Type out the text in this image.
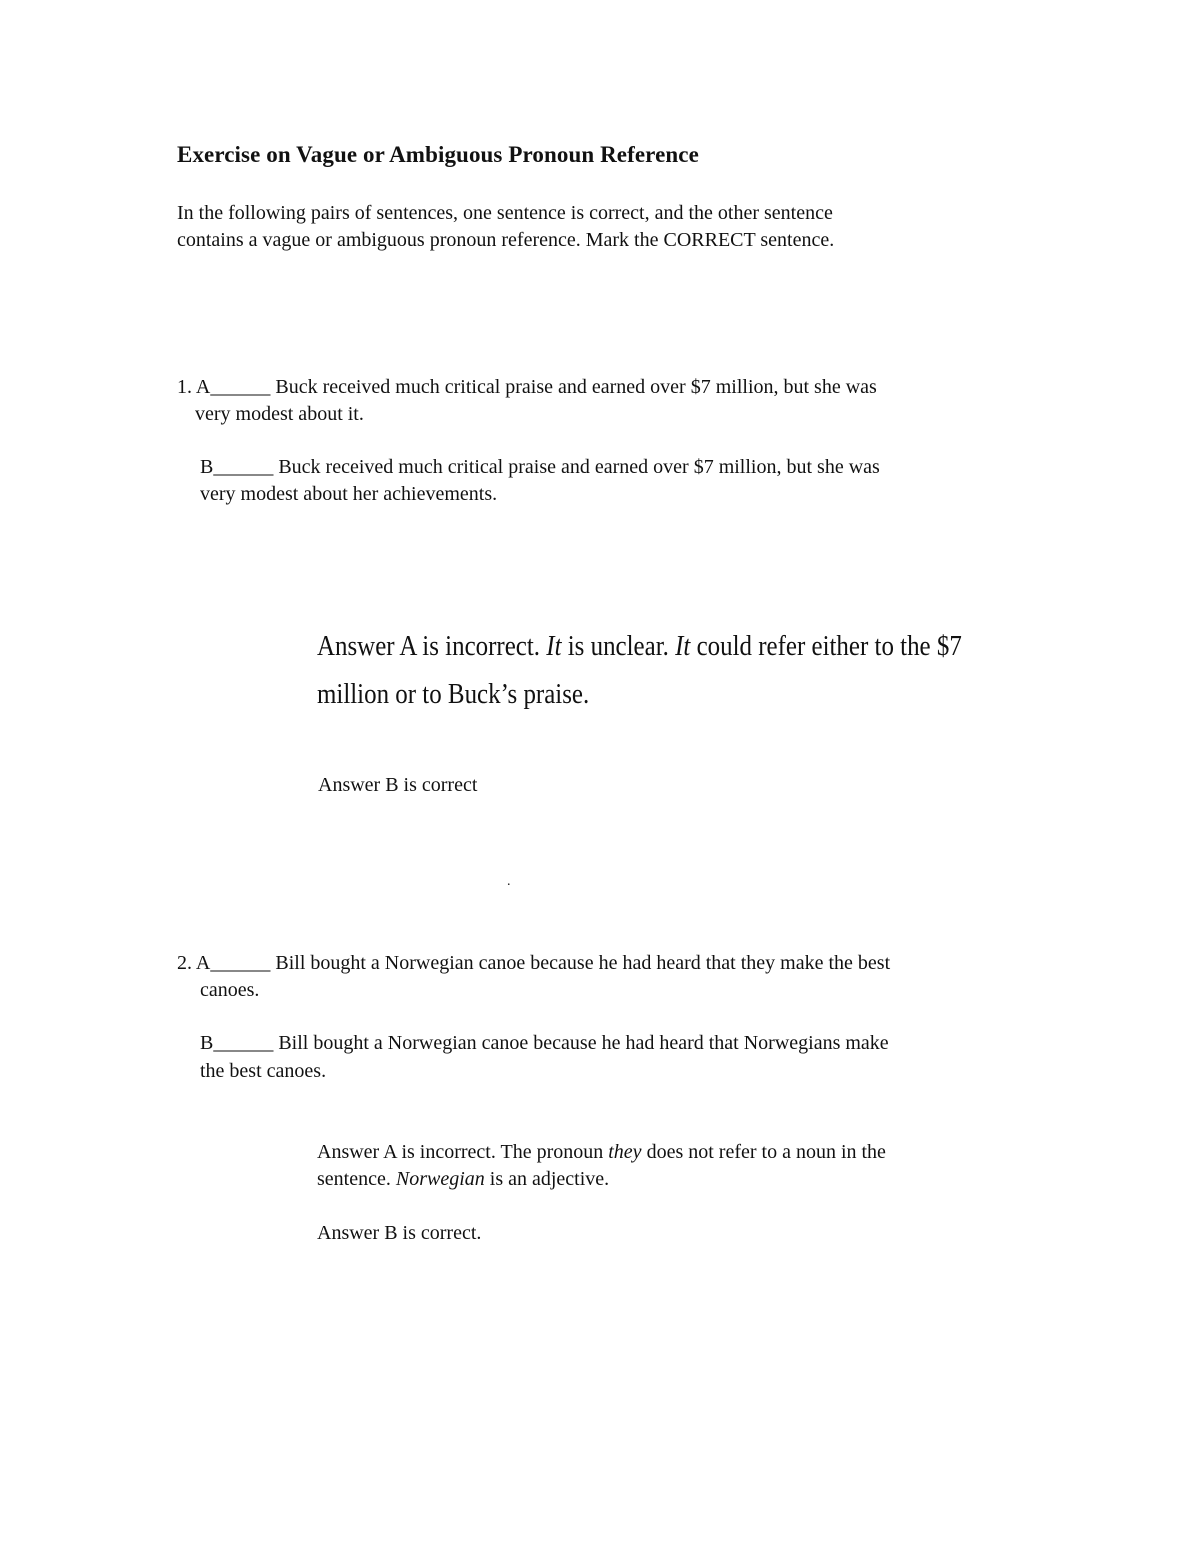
Exercise on Vague or Ambiguous Pronoun Reference
In the following pairs of sentences, one sentence is correct, and the other sentence
contains a vague or ambiguous pronoun reference. Mark the CORRECT sentence.
1. A______ Buck received much critical praise and earned over $7 million, but she was
very modest about it.
B______ Buck received much critical praise and earned over $7 million, but she was
very modest about her achievements.
Answer A is incorrect. It is unclear. It could refer either to the $7
million or to Buck’s praise.
Answer B is correct
.
2. A______ Bill bought a Norwegian canoe because he had heard that they make the best
canoes.
B______ Bill bought a Norwegian canoe because he had heard that Norwegians make
the best canoes.
Answer A is incorrect. The pronoun they does not refer to a noun in the
sentence. Norwegian is an adjective.
Answer B is correct.
